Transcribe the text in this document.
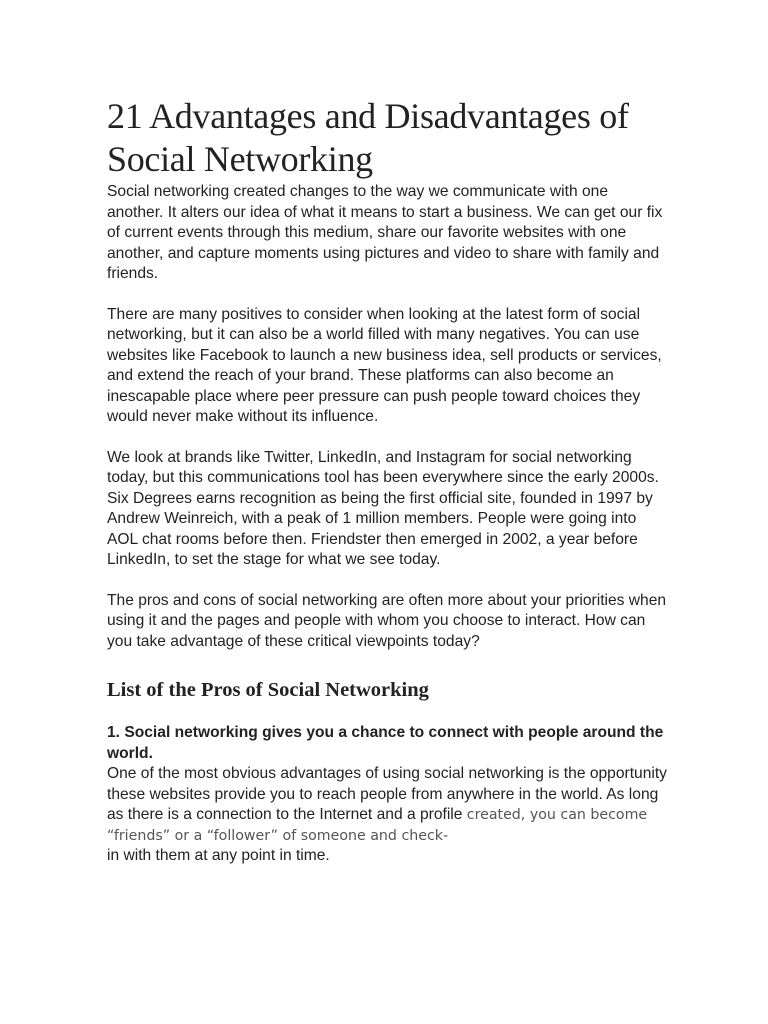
21 Advantages and Disadvantages of Social Networking

Social networking created changes to the way we communicate with one another. It alters our idea of what it means to start a business. We can get our fix of current events through this medium, share our favorite websites with one another, and capture moments using pictures and video to share with family and friends.

There are many positives to consider when looking at the latest form of social networking, but it can also be a world filled with many negatives. You can use websites like Facebook to launch a new business idea, sell products or services, and extend the reach of your brand. These platforms can also become an inescapable place where peer pressure can push people toward choices they would never make without its influence.

We look at brands like Twitter, LinkedIn, and Instagram for social networking today, but this communications tool has been everywhere since the early 2000s. Six Degrees earns recognition as being the first official site, founded in 1997 by Andrew Weinreich, with a peak of 1 million members. People were going into AOL chat rooms before then. Friendster then emerged in 2002, a year before LinkedIn, to set the stage for what we see today.

The pros and cons of social networking are often more about your priorities when using it and the pages and people with whom you choose to interact. How can you take advantage of these critical viewpoints today?

List of the Pros of Social Networking

1. Social networking gives you a chance to connect with people around the world.

One of the most obvious advantages of using social networking is the opportunity these websites provide you to reach people from anywhere in the world. As long as there is a connection to the Internet and a profile created, you can become “friends” or a “follower” of someone and check-
in with them at any point in time.
